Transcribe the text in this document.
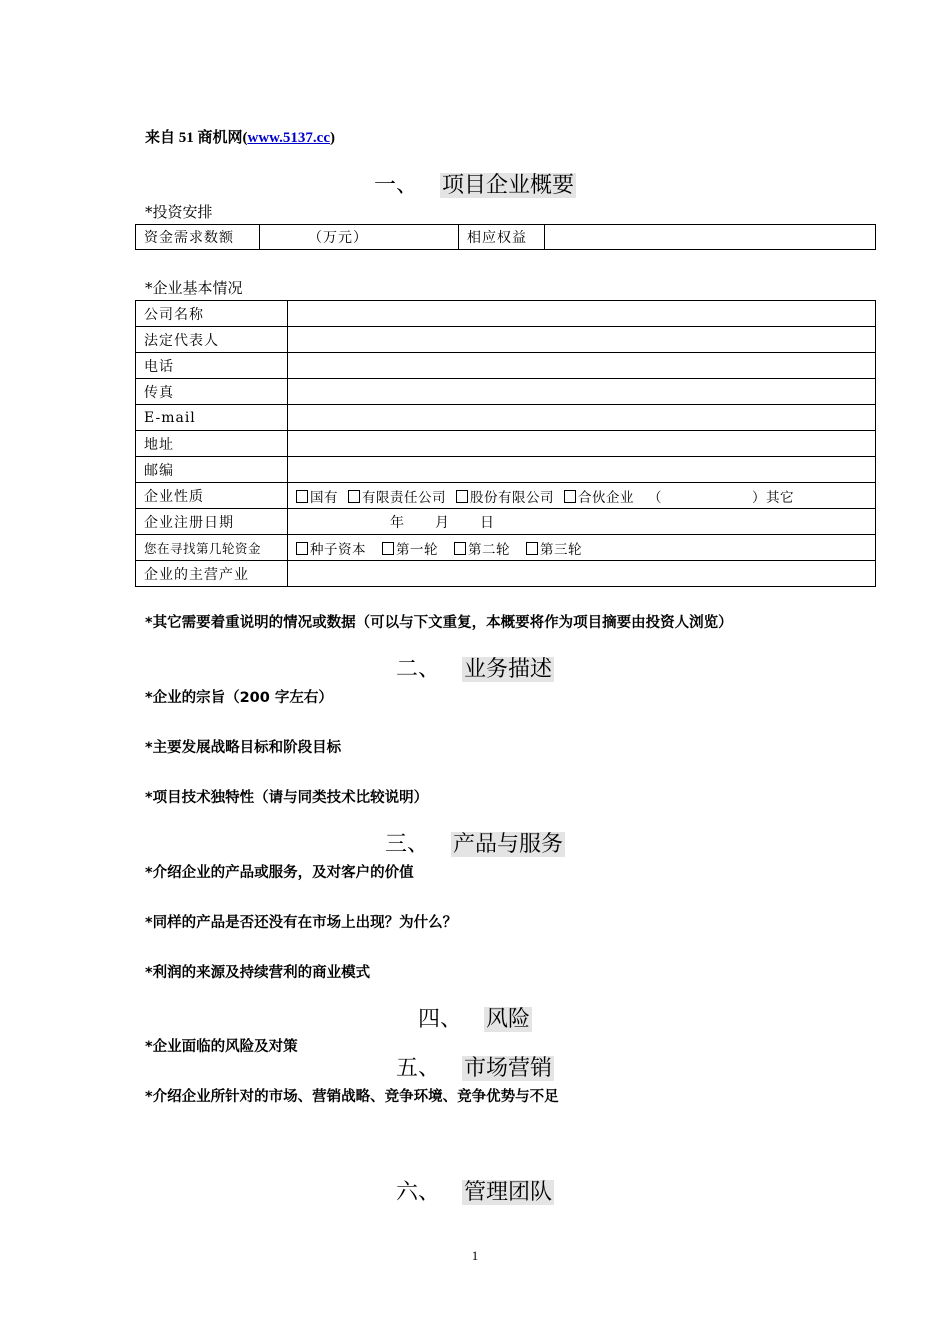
来自 51 商机网(www.5137.cc)
一、 项目企业概要
*投资安排
资金需求数额	（万元）	相应权益	
*企业基本情况
公司名称	
法定代表人	
电话	
传真	
E-mail	
地址	
邮编	
企业性质	国有 有限责任公司 股份有限公司 合伙企业 （ ）其它
企业注册日期	年 月 日
您在寻找第几轮资金	种子资本 第一轮 第二轮 第三轮
企业的主营产业	
*其它需要着重说明的情况或数据（可以与下文重复，本概要将作为项目摘要由投资人浏览）
二、 业务描述
*企业的宗旨（200 字左右）
*主要发展战略目标和阶段目标
*项目技术独特性（请与同类技术比较说明）
三、 产品与服务
*介绍企业的产品或服务，及对客户的价值
*同样的产品是否还没有在市场上出现？为什么？
*利润的来源及持续营利的商业模式
四、 风险
*企业面临的风险及对策
五、 市场营销
*介绍企业所针对的市场、营销战略、竞争环境、竞争优势与不足
六、 管理团队
1
